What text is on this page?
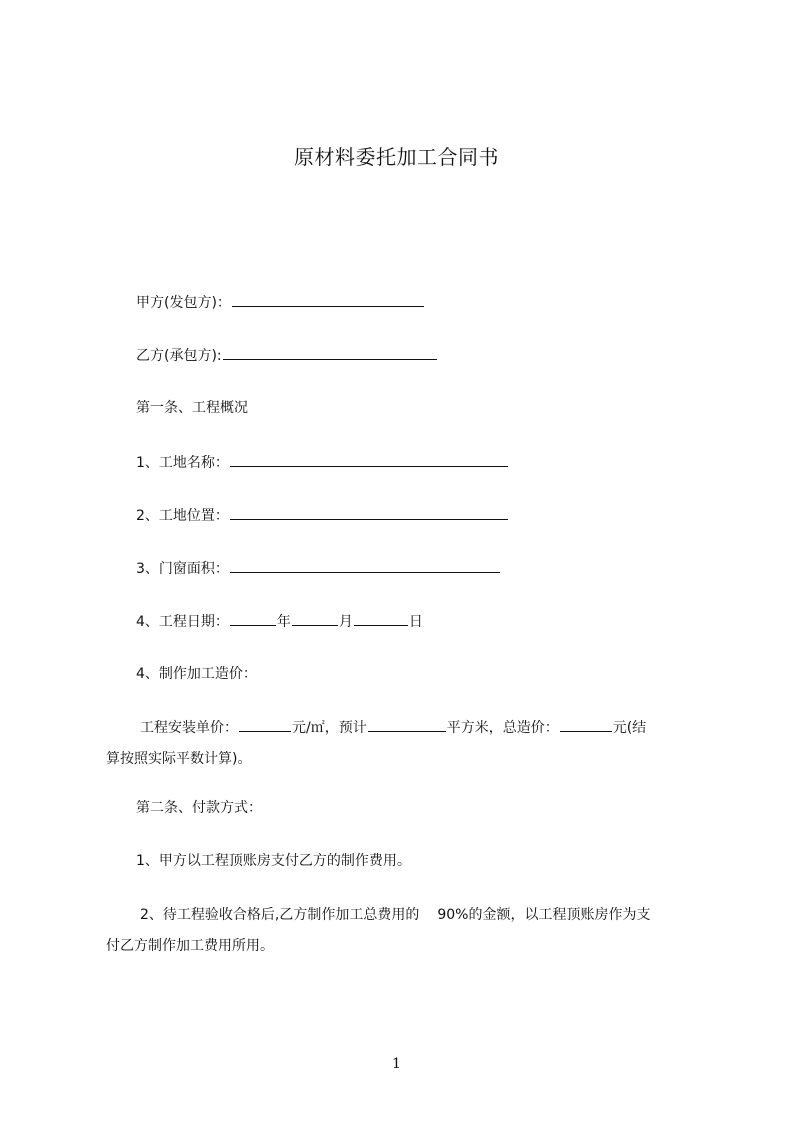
原材料委托加工合同书
甲方(发包方)：
乙方(承包方):
第一条、工程概况
1、工地名称：
2、工地位置：
3、门窗面积：
4、工程日期：	年	月	日
4、制作加工造价：
工程安装单价：	元/㎡，预计	平方米，总造价：	元(结
算按照实际平数计算)。
第二条、付款方式：
1、甲方以工程顶账房支付乙方的制作费用。
2、待工程验收合格后,乙方制作加工总费用的 90%的金额，以工程顶账房作为支
付乙方制作加工费用所用。
1
